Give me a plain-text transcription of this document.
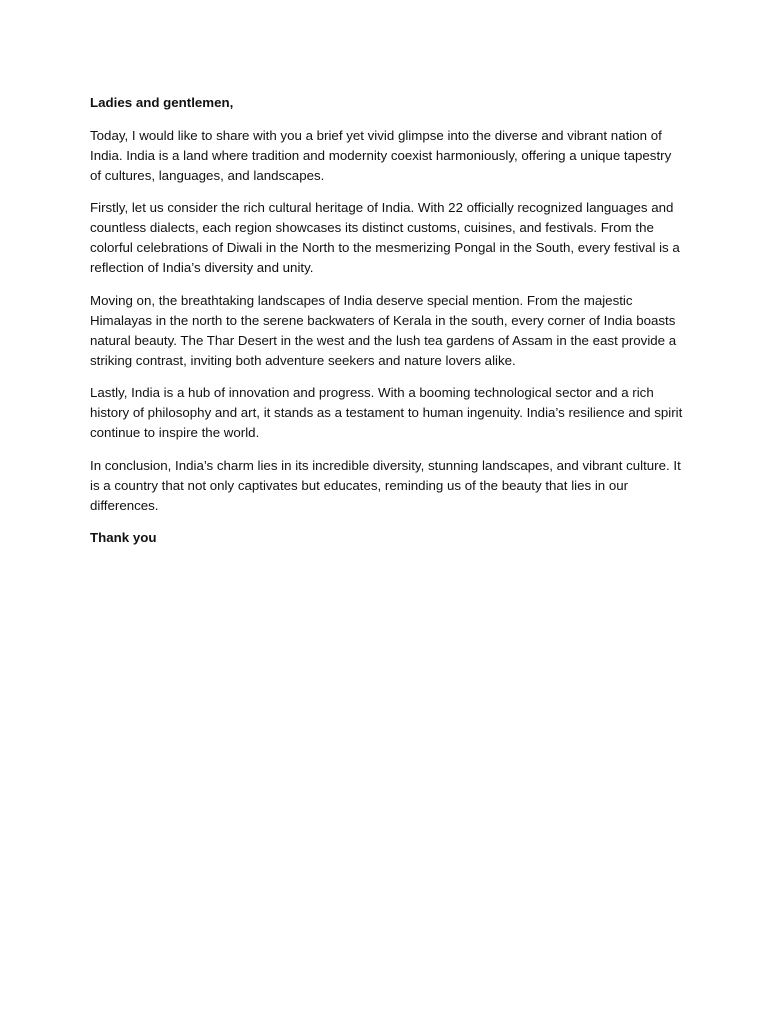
Ladies and gentlemen,

Today, I would like to share with you a brief yet vivid glimpse into the diverse and vibrant nation of India. India is a land where tradition and modernity coexist harmoniously, offering a unique tapestry of cultures, languages, and landscapes.

Firstly, let us consider the rich cultural heritage of India. With 22 officially recognized languages and countless dialects, each region showcases its distinct customs, cuisines, and festivals. From the colorful celebrations of Diwali in the North to the mesmerizing Pongal in the South, every festival is a reflection of India’s diversity and unity.

Moving on, the breathtaking landscapes of India deserve special mention. From the majestic Himalayas in the north to the serene backwaters of Kerala in the south, every corner of India boasts natural beauty. The Thar Desert in the west and the lush tea gardens of Assam in the east provide a striking contrast, inviting both adventure seekers and nature lovers alike.

Lastly, India is a hub of innovation and progress. With a booming technological sector and a rich history of philosophy and art, it stands as a testament to human ingenuity. India’s resilience and spirit continue to inspire the world.

In conclusion, India’s charm lies in its incredible diversity, stunning landscapes, and vibrant culture. It is a country that not only captivates but educates, reminding us of the beauty that lies in our differences.

Thank you
